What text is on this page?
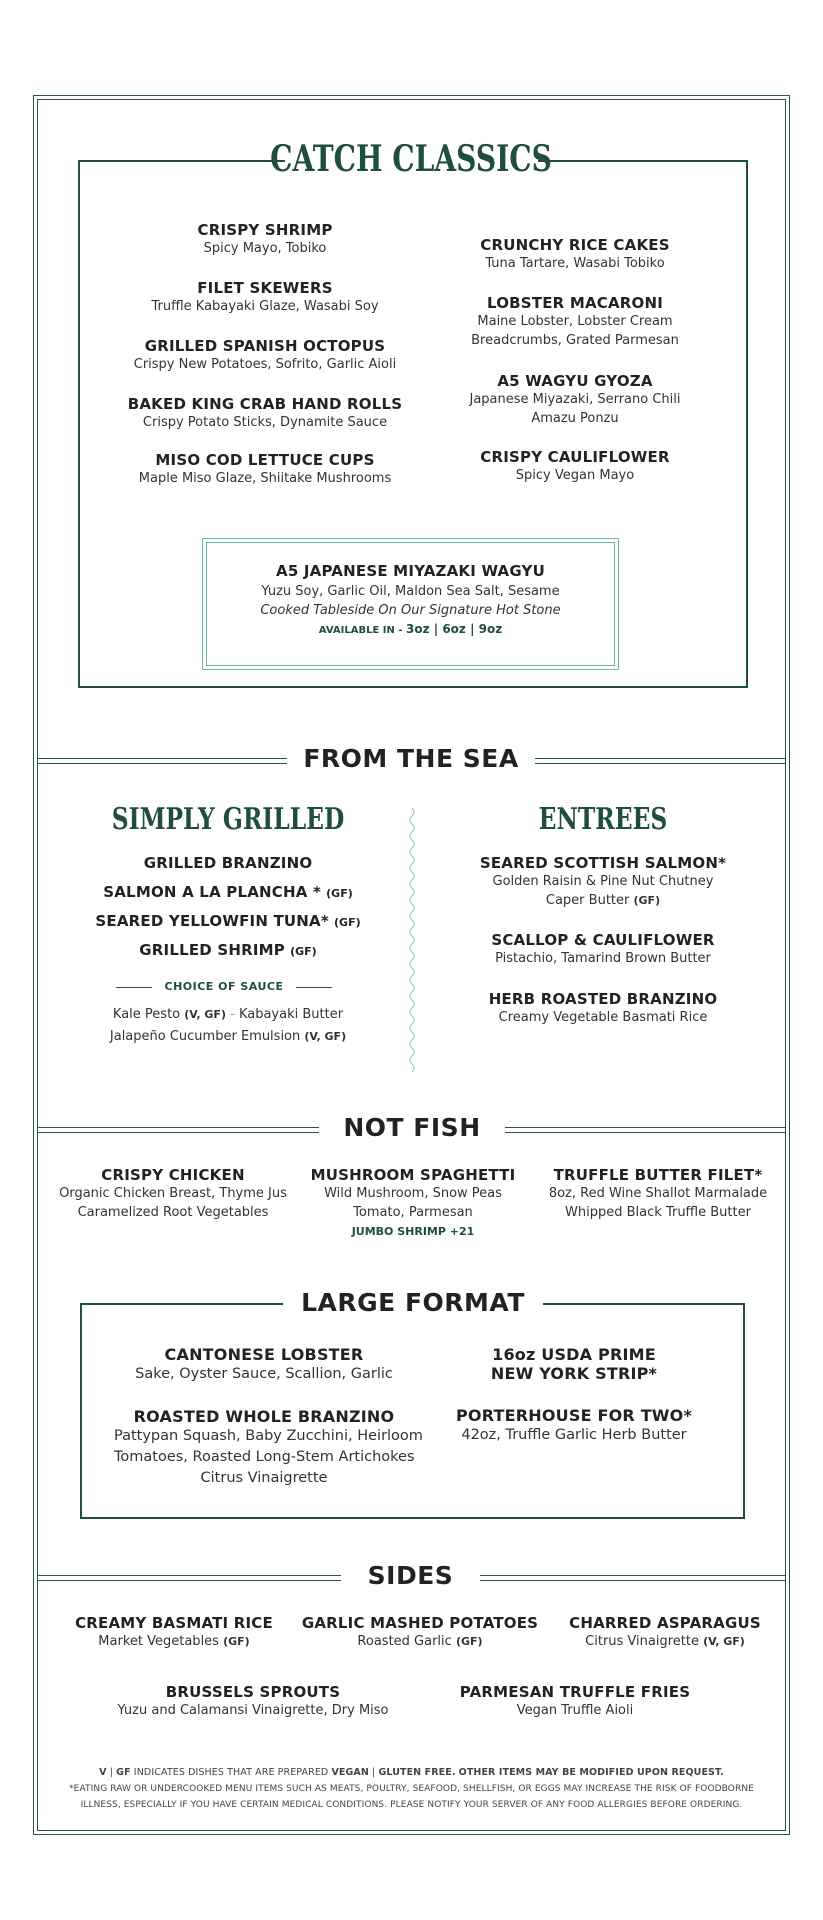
CATCH CLASSICS
CRISPY SHRIMP
Spicy Mayo, Tobiko
FILET SKEWERS
Truffle Kabayaki Glaze, Wasabi Soy
GRILLED SPANISH OCTOPUS
Crispy New Potatoes, Sofrito, Garlic Aioli
BAKED KING CRAB HAND ROLLS
Crispy Potato Sticks, Dynamite Sauce
MISO COD LETTUCE CUPS
Maple Miso Glaze, Shiitake Mushrooms
CRUNCHY RICE CAKES
Tuna Tartare, Wasabi Tobiko
LOBSTER MACARONI
Maine Lobster, Lobster Cream
Breadcrumbs, Grated Parmesan
A5 WAGYU GYOZA
Japanese Miyazaki, Serrano Chili
Amazu Ponzu
CRISPY CAULIFLOWER
Spicy Vegan Mayo
A5 JAPANESE MIYAZAKI WAGYU
Yuzu Soy, Garlic Oil, Maldon Sea Salt, Sesame
Cooked Tableside On Our Signature Hot Stone
AVAILABLE IN - 3oz | 6oz | 9oz
FROM THE SEA
SIMPLY GRILLED
GRILLED BRANZINO
SALMON A LA PLANCHA * (GF)
SEARED YELLOWFIN TUNA* (GF)
GRILLED SHRIMP (GF)
CHOICE OF SAUCE
Kale Pesto (V, GF) - Kabayaki Butter
Jalapeño Cucumber Emulsion (V, GF)
ENTREES
SEARED SCOTTISH SALMON*
Golden Raisin & Pine Nut Chutney
Caper Butter (GF)
SCALLOP & CAULIFLOWER
Pistachio, Tamarind Brown Butter
HERB ROASTED BRANZINO
Creamy Vegetable Basmati Rice
NOT FISH
CRISPY CHICKEN
Organic Chicken Breast, Thyme Jus
Caramelized Root Vegetables
MUSHROOM SPAGHETTI
Wild Mushroom, Snow Peas
Tomato, Parmesan
JUMBO SHRIMP +21
TRUFFLE BUTTER FILET*
8oz, Red Wine Shallot Marmalade
Whipped Black Truffle Butter
LARGE FORMAT
CANTONESE LOBSTER
Sake, Oyster Sauce, Scallion, Garlic
ROASTED WHOLE BRANZINO
Pattypan Squash, Baby Zucchini, Heirloom
Tomatoes, Roasted Long-Stem Artichokes
Citrus Vinaigrette
16oz USDA PRIME
NEW YORK STRIP*
PORTERHOUSE FOR TWO*
42oz, Truffle Garlic Herb Butter
SIDES
CREAMY BASMATI RICE
Market Vegetables (GF)
GARLIC MASHED POTATOES
Roasted Garlic (GF)
CHARRED ASPARAGUS
Citrus Vinaigrette (V, GF)
BRUSSELS SPROUTS
Yuzu and Calamansi Vinaigrette, Dry Miso
PARMESAN TRUFFLE FRIES
Vegan Truffle Aioli
V | GF INDICATES DISHES THAT ARE PREPARED VEGAN | GLUTEN FREE. OTHER ITEMS MAY BE MODIFIED UPON REQUEST.
*EATING RAW OR UNDERCOOKED MENU ITEMS SUCH AS MEATS, POULTRY, SEAFOOD, SHELLFISH, OR EGGS MAY INCREASE THE RISK OF FOODBORNE
ILLNESS, ESPECIALLY IF YOU HAVE CERTAIN MEDICAL CONDITIONS. PLEASE NOTIFY YOUR SERVER OF ANY FOOD ALLERGIES BEFORE ORDERING.
